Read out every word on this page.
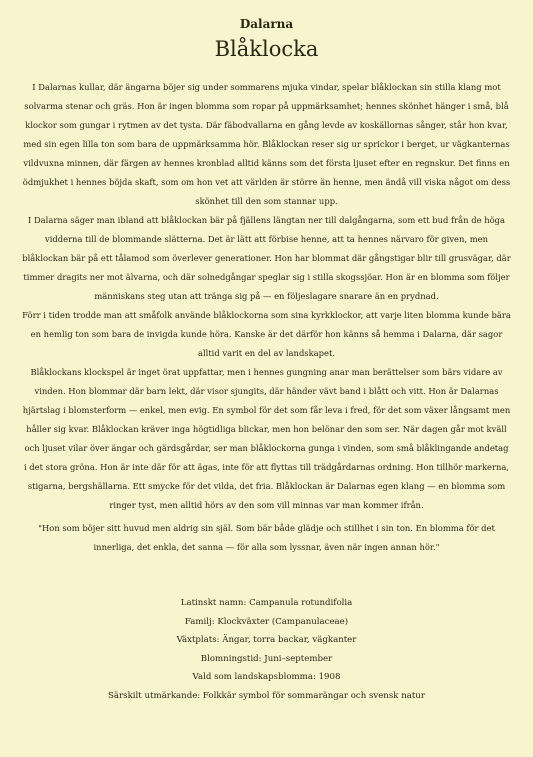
Dalarna
Blåklocka

I Dalarnas kullar, där ängarna böjer sig under sommarens mjuka vindar, spelar blåklockan sin stilla klang mot solvarma stenar och gräs. Hon är ingen blomma som ropar på uppmärksamhet; hennes skönhet hänger i små, blå klockor som gungar i rytmen av det tysta. Där fäbodvallarna en gång levde av koskällornas sånger, står hon kvar, med sin egen lilla ton som bara de uppmärksamma hör. Blåklockan reser sig ur sprickor i berget, ur vägkanternas vildvuxna minnen, där färgen av hennes kronblad alltid känns som det första ljuset efter en regnskur. Det finns en ödmjukhet i hennes böjda skaft, som om hon vet att världen är större än henne, men ändå vill viska något om dess skönhet till den som stannar upp.

I Dalarna säger man ibland att blåklockan bär på fjällens längtan ner till dalgångarna, som ett bud från de höga vidderna till de blommande slätterna. Det är lätt att förbise henne, att ta hennes närvaro för given, men blåklockan bär på ett tålamod som överlever generationer. Hon har blommat där gångstigar blir till grusvägar, där timmer dragits ner mot älvarna, och där solnedgångar speglar sig i stilla skogssjöar. Hon är en blomma som följer människans steg utan att tränga sig på — en följeslagare snarare än en prydnad.

Förr i tiden trodde man att småfolk använde blåklockorna som sina kyrkklockor, att varje liten blomma kunde bära en hemlig ton som bara de invigda kunde höra. Kanske är det därför hon känns så hemma i Dalarna, där sagor alltid varit en del av landskapet.

Blåklockans klockspel är inget örat uppfattar, men i hennes gungning anar man berättelser som bärs vidare av vinden. Hon blommar där barn lekt, där visor sjungits, där händer vävt band i blått och vitt. Hon är Dalarnas hjärtslag i blomsterform — enkel, men evig. En symbol för det som får leva i fred, för det som växer långsamt men håller sig kvar. Blåklockan kräver inga högtidliga blickar, men hon belönar den som ser. När dagen går mot kväll och ljuset vilar över ängar och gärdsgårdar, ser man blåklockorna gunga i vinden, som små blåklingande andetag i det stora gröna. Hon är inte där för att ägas, inte för att flyttas till trädgårdarnas ordning. Hon tillhör markerna, stigarna, bergshällarna. Ett smycke för det vilda, det fria. Blåklockan är Dalarnas egen klang — en blomma som ringer tyst, men alltid hörs av den som vill minnas var man kommer ifrån.

"Hon som böjer sitt huvud men aldrig sin själ. Som bär både glädje och stillhet i sin ton. En blomma för det innerliga, det enkla, det sanna — för alla som lyssnar, även när ingen annan hör."
Latinskt namn: Campanula rotundifolia
Familj: Klockväxter (Campanulaceae)
Växtplats: Ängar, torra backar, vägkanter
Blomningstid: Juni–september
Vald som landskapsblomma: 1908
Särskilt utmärkande: Folkkär symbol för sommarängar och svensk natur
